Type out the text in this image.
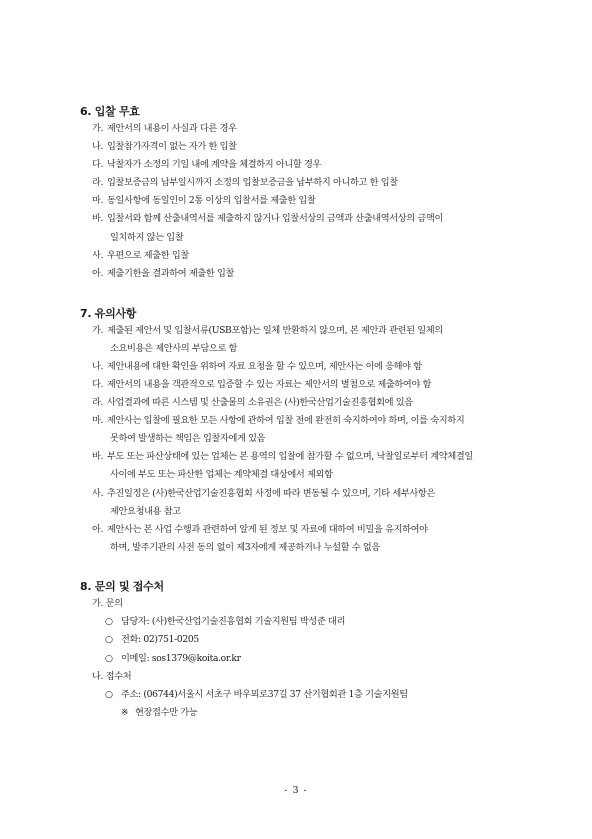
6. 입찰 무효
가. 제안서의 내용이 사실과 다른 경우
나. 입찰참가자격이 없는 자가 한 입찰
다. 낙찰자가 소정의 기일 내에 계약을 체결하지 아니할 경우
라. 입찰보증금의 납부일시까지 소정의 입찰보증금을 납부하지 아니하고 한 입찰
마. 동일사항에 동일인이 2통 이상의 입찰서를 제출한 입찰
바. 입찰서와 함께 산출내역서를 제출하지 않거나 입찰서상의 금액과 산출내역서상의 금액이
일치하지 않는 입찰
사. 우편으로 제출한 입찰
아. 제출기한을 결과하여 제출한 입찰
7. 유의사항
가. 제출된 제안서 및 입찰서류(USB포함)는 일체 반환하지 않으며, 본 제안과 관련된 일체의
소요비용은 제안사의 부담으로 함
나. 제안내용에 대한 확인을 위하여 자료 요청을 할 수 있으며, 제안사는 이에 응해야 함
다. 제안서의 내용을 객관적으로 입증할 수 있는 자료는 제안서의 별첨으로 제출하여야 함
라. 사업결과에 따른 시스템 및 산출물의 소유권은 (사)한국산업기술진흥협회에 있음
마. 제안사는 입찰에 필요한 모든 사항에 관하여 입찰 전에 완전히 숙지하여야 하며, 이를 숙지하지
못하여 발생하는 책임은 입찰자에게 있음
바. 부도 또는 파산상태에 있는 업체는 본 용역의 입찰에 참가할 수 없으며, 낙찰일로부터 계약체결일
사이에 부도 또는 파산한 업체는 계약체결 대상에서 제외함
사. 추진일정은 (사)한국산업기술진흥협회 사정에 따라 변동될 수 있으며, 기타 세부사항은
제안요청내용 참고
아. 제안사는 본 사업 수행과 관련하여 알게 된 정보 및 자료에 대하여 비밀을 유지하여야
하며, 발주기관의 사전 동의 없이 제3자에게 제공하거나 누설할 수 없음
8. 문의 및 접수처
가. 문의
○ 담당자: (사)한국산업기술진흥협회 기술지원팀 박성준 대리
○ 전화: 02)751-0205
○ 이메일: sos1379@koita.or.kr
나. 접수처
○ 주소: (06744)서울시 서초구 바우뫼로37길 37 산기협회관 1층 기술지원팀
※ 현장접수만 가능
- 3 -
